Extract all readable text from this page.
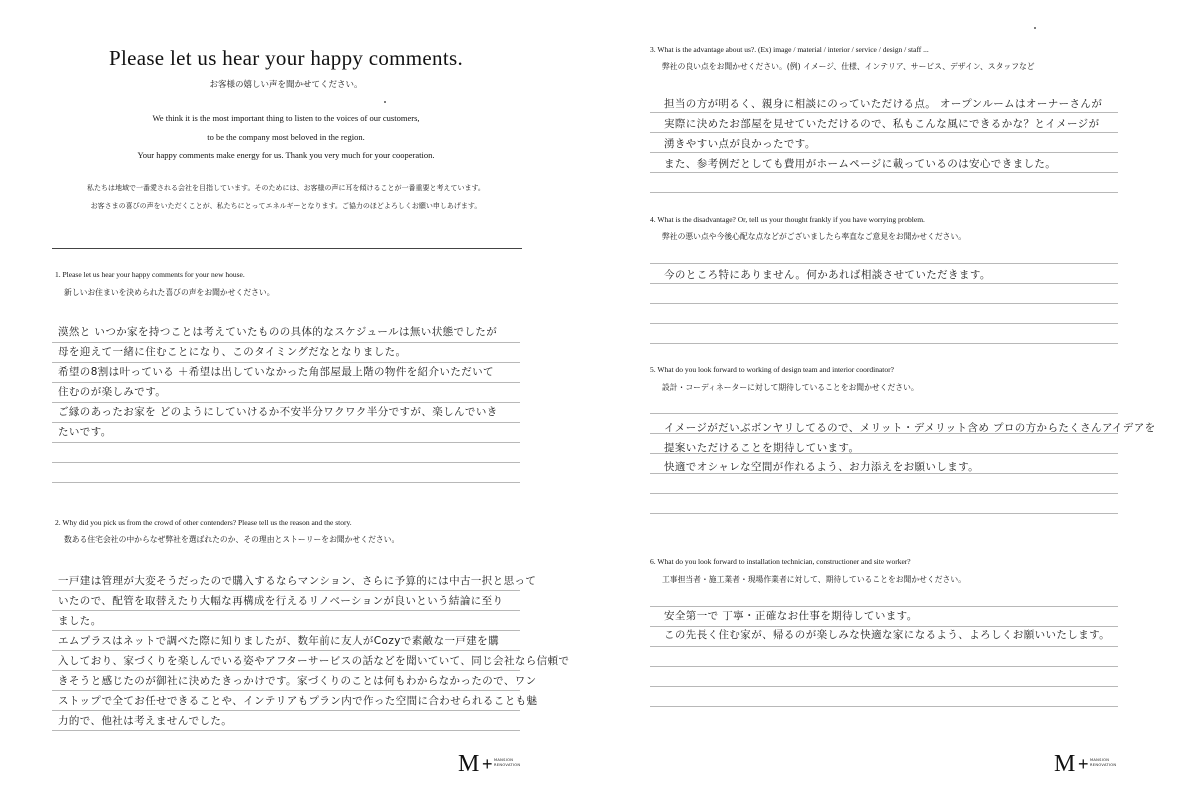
Please let us hear your happy comments.
お客様の嬉しい声を聞かせてください。
We think it is the most important thing to listen to the voices of our customers,
to be the company most beloved in the region.
Your happy comments make energy for us. Thank you very much for your cooperation.
私たちは地域で一番愛される会社を目指しています。そのためには、お客様の声に耳を傾けることが一番重要と考えています。
お客さまの喜びの声をいただくことが、私たちにとってエネルギーとなります。ご協力のほどよろしくお願い申しあげます。
1. Please let us hear your happy comments for your new house.
新しいお住まいを決められた喜びの声をお聞かせください。
漠然と いつか家を持つことは考えていたものの具体的なスケジュールは無い状態でしたが
母を迎えて一緒に住むことになり、このタイミングだなとなりました。
希望の8割は叶っている ＋希望は出していなかった角部屋最上階の物件を紹介いただいて
住むのが楽しみです。
ご縁のあったお家を どのようにしていけるか不安半分ワクワク半分ですが、楽しんでいき
たいです。
2. Why did you pick us from the crowd of other contenders? Please tell us the reason and the story.
数ある住宅会社の中からなぜ弊社を選ばれたのか、その理由とストーリーをお聞かせください。
一戸建は管理が大変そうだったので購入するならマンション、さらに予算的には中古一択と思って
いたので、配管を取替えたり大幅な再構成を行えるリノベーションが良いという結論に至り
ました。
エムプラスはネットで調べた際に知りましたが、数年前に友人がCozyで素敵な一戸建を購
入しており、家づくりを楽しんでいる姿やアフターサービスの話などを聞いていて、同じ会社なら信頼で
きそうと感じたのが御社に決めたきっかけです。家づくりのことは何もわからなかったので、ワン
ストップで全てお任せできることや、インテリアもプラン内で作った空間に合わせられることも魅
力的で、他社は考えませんでした。
M + MANSION
RENOVATION
3. What is the advantage about us?. (Ex) image / material / interior / service / design / staff ...
弊社の良い点をお聞かせください。(例) イメージ、仕様、インテリア、サービス、デザイン、スタッフなど
担当の方が明るく、親身に相談にのっていただける点。 オープンルームはオーナーさんが
実際に決めたお部屋を見せていただけるので、私もこんな風にできるかな？とイメージが
湧きやすい点が良かったです。
また、参考例だとしても費用がホームページに載っているのは安心できました。
4. What is the disadvantage? Or, tell us your thought frankly if you have worrying problem.
弊社の悪い点や今後心配な点などがございましたら率直なご意見をお聞かせください。
今のところ特にありません。何かあれば相談させていただきます。
5. What do you look forward to working of design team and interior coordinator?
設計・コーディネーターに対して期待していることをお聞かせください。
イメージがだいぶボンヤリしてるので、メリット・デメリット含め プロの方からたくさんアイデアを
提案いただけることを期待しています。
快適でオシャレな空間が作れるよう、お力添えをお願いします。
6. What do you look forward to installation technician, constructioner and site worker?
工事担当者・施工業者・現場作業者に対して、期待していることをお聞かせください。
安全第一で 丁寧・正確なお仕事を期待しています。
この先長く住む家が、帰るのが楽しみな快適な家になるよう、よろしくお願いいたします。
M + MANSION
RENOVATION
